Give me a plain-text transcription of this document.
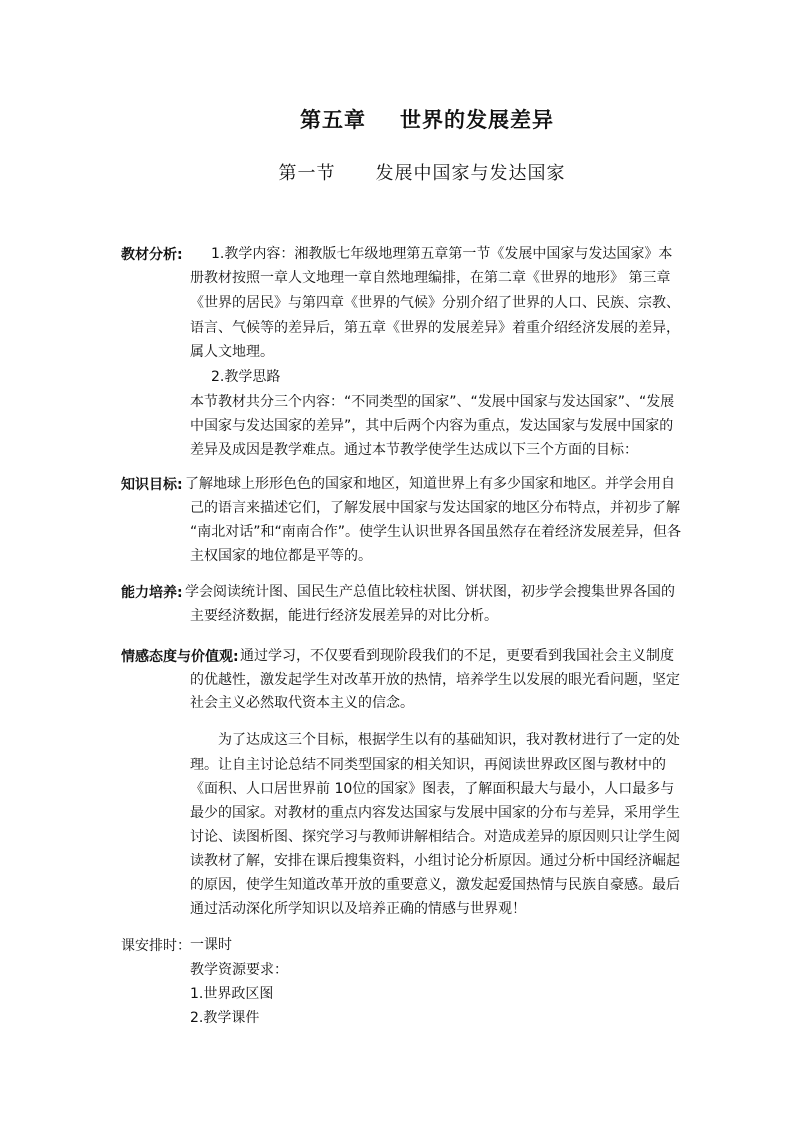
第五章 世界的发展差异
第一节 发展中国家与发达国家
教材分析: 1.教学内容：湘教版七年级地理第五章第一节《发展中国家与发达国家》本
册教材按照一章人文地理一章自然地理编排，在第二章《世界的地形》 第三章
《世界的居民》与第四章《世界的气候》分别介绍了世界的人口、民族、宗教、
语言、气候等的差异后，第五章《世界的发展差异》着重介绍经济发展的差异，
属人文地理。
2.教学思路
本节教材共分三个内容：“不同类型的国家”、“发展中国家与发达国家”、“发展
中国家与发达国家的差异”，其中后两个内容为重点，发达国家与发展中国家的
差异及成因是教学难点。通过本节教学使学生达成以下三个方面的目标：
知识目标: 了解地球上形形色色的国家和地区，知道世界上有多少国家和地区。并学会用自
己的语言来描述它们，了解发展中国家与发达国家的地区分布特点，并初步了解
“南北对话”和“南南合作”。使学生认识世界各国虽然存在着经济发展差异，但各
主权国家的地位都是平等的。
能力培养: 学会阅读统计图、国民生产总值比较柱状图、饼状图，初步学会搜集世界各国的
主要经济数据，能进行经济发展差异的对比分析。
情感态度与价值观: 通过学习，不仅要看到现阶段我们的不足，更要看到我国社会主义制度
的优越性，激发起学生对改革开放的热情，培养学生以发展的眼光看问题，坚定
社会主义必然取代资本主义的信念。
为了达成这三个目标，根据学生以有的基础知识，我对教材进行了一定的处
理。让自主讨论总结不同类型国家的相关知识，再阅读世界政区图与教材中的
《面积、人口居世界前 10位的国家》图表，了解面积最大与最小，人口最多与
最少的国家。对教材的重点内容发达国家与发展中国家的分布与差异，采用学生
讨论、读图析图、探究学习与教师讲解相结合。对造成差异的原因则只让学生阅
读教材了解，安排在课后搜集资料，小组讨论分析原因。通过分析中国经济崛起
的原因，使学生知道改革开放的重要意义，激发起爱国热情与民族自豪感。最后
通过活动深化所学知识以及培养正确的情感与世界观！
课安排时： 一课时
教学资源要求：
1.世界政区图
2.教学课件
